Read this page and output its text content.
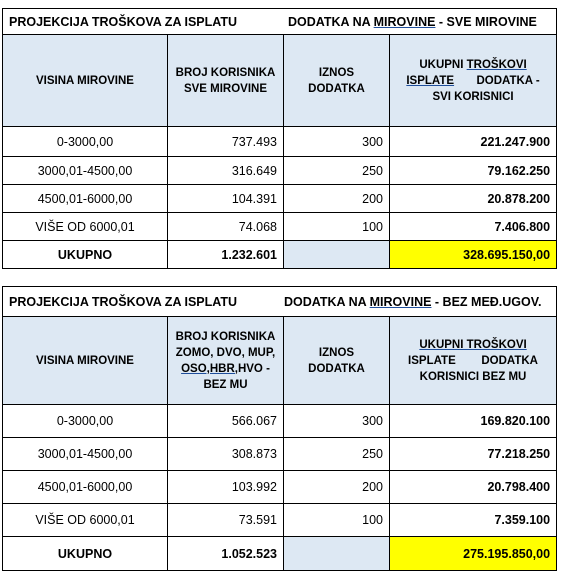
PROJEKCIJA TROŠKOVA ZA ISPLATU DODATKA NA MIROVINE - SVE MIROVINE			
VISINA MIROVINE	BROJ KORISNIKA SVE MIROVINE	IZNOS DODATKA	UKUPNI TROŠKOVI
ISPLATE DODATKA - SVI KORISNICI
0-3000,00	737.493	300	221.247.900
3000,01-4500,00	316.649	250	79.162.250
4500,01-6000,00	104.391	200	20.878.200
VIŠE OD 6000,01	74.068	100	7.406.800
UKUPNO	1.232.601		328.695.150,00
PROJEKCIJA TROŠKOVA ZA ISPLATU DODATKA NA MIROVINE - BEZ MEĐ.UGOV.			
VISINA MIROVINE	BROJ KORISNIKA ZOMO, DVO, MUP,
OSO,HBR,HVO - BEZ MU	IZNOS DODATKA	UKUPNI TROŠKOVI
ISPLATE DODATKA KORISNICI BEZ MU
0-3000,00	566.067	300	169.820.100
3000,01-4500,00	308.873	250	77.218.250
4500,01-6000,00	103.992	200	20.798.400
VIŠE OD 6000,01	73.591	100	7.359.100
UKUPNO	1.052.523		275.195.850,00
